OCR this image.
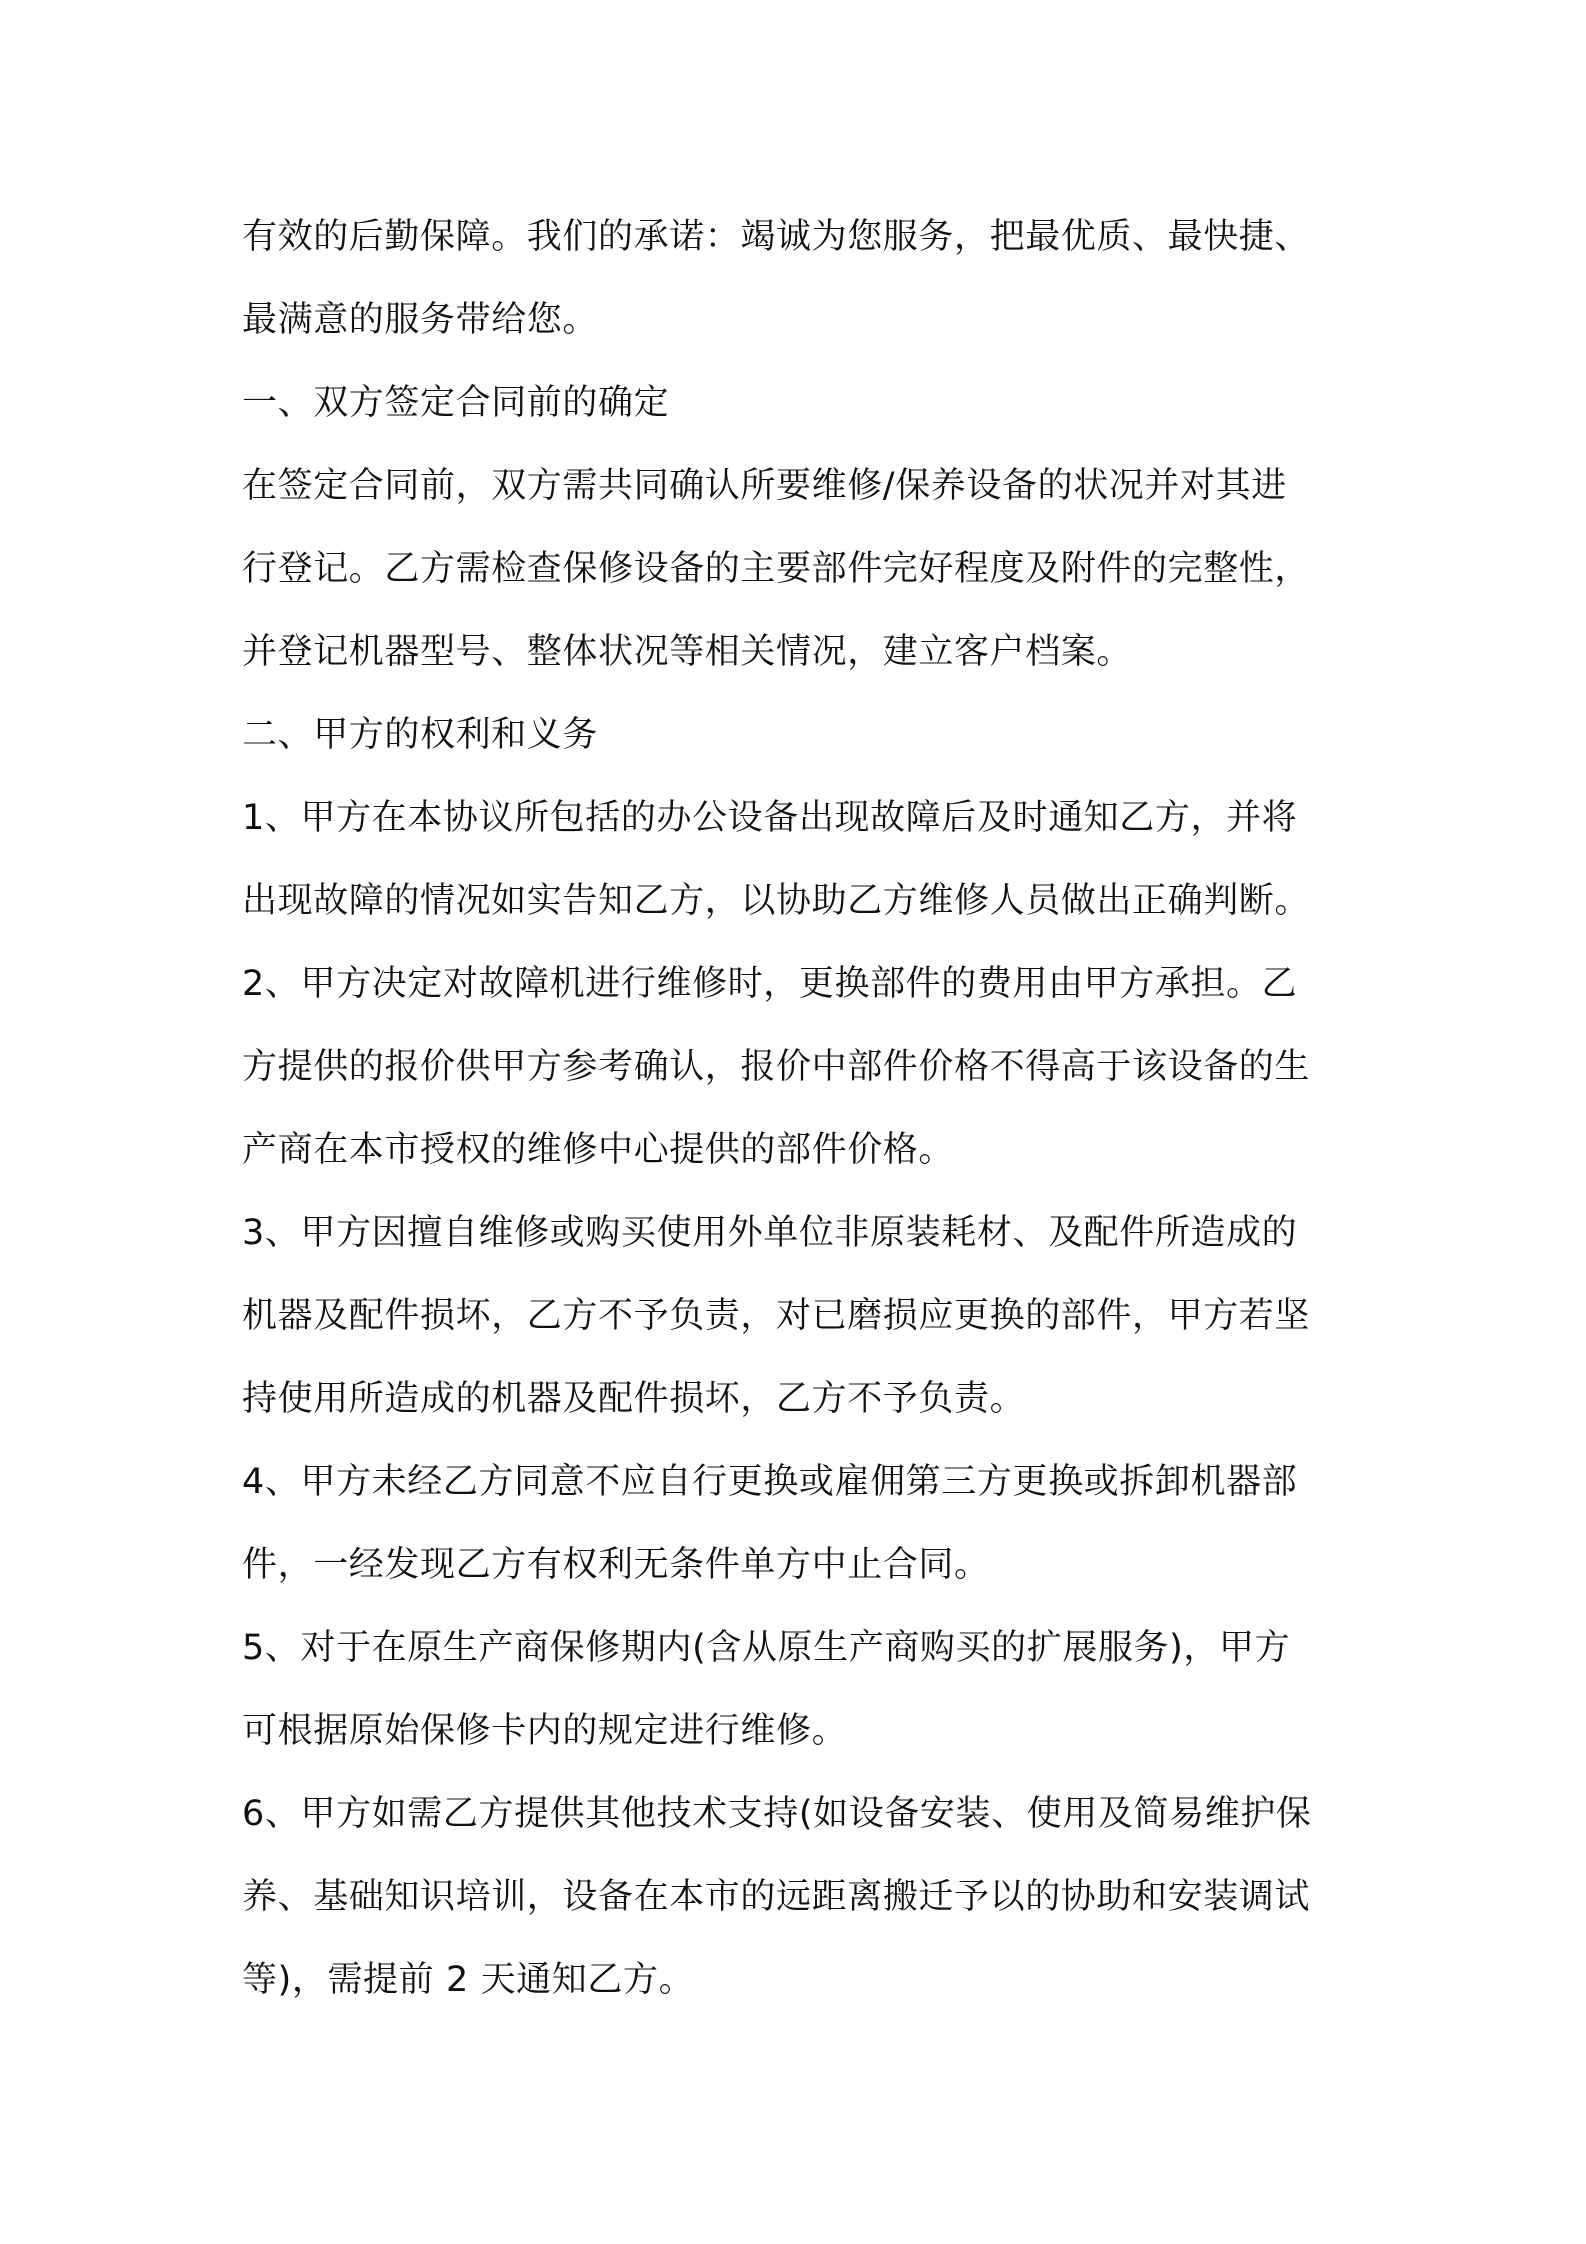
有效的后勤保障。我们的承诺：竭诚为您服务，把最优质、最快捷、
最满意的服务带给您。
一、双方签定合同前的确定
在签定合同前，双方需共同确认所要维修/保养设备的状况并对其进
行登记。乙方需检查保修设备的主要部件完好程度及附件的完整性，
并登记机器型号、整体状况等相关情况，建立客户档案。
二、甲方的权利和义务
1、甲方在本协议所包括的办公设备出现故障后及时通知乙方，并将
出现故障的情况如实告知乙方，以协助乙方维修人员做出正确判断。
2、甲方决定对故障机进行维修时，更换部件的费用由甲方承担。乙
方提供的报价供甲方参考确认，报价中部件价格不得高于该设备的生
产商在本市授权的维修中心提供的部件价格。
3、甲方因擅自维修或购买使用外单位非原装耗材、及配件所造成的
机器及配件损坏，乙方不予负责，对已磨损应更换的部件，甲方若坚
持使用所造成的机器及配件损坏，乙方不予负责。
4、甲方未经乙方同意不应自行更换或雇佣第三方更换或拆卸机器部
件，一经发现乙方有权利无条件单方中止合同。
5、对于在原生产商保修期内(含从原生产商购买的扩展服务)，甲方
可根据原始保修卡内的规定进行维修。
6、甲方如需乙方提供其他技术支持(如设备安装、使用及简易维护保
养、基础知识培训，设备在本市的远距离搬迁予以的协助和安装调试
等)，需提前 2 天通知乙方。
